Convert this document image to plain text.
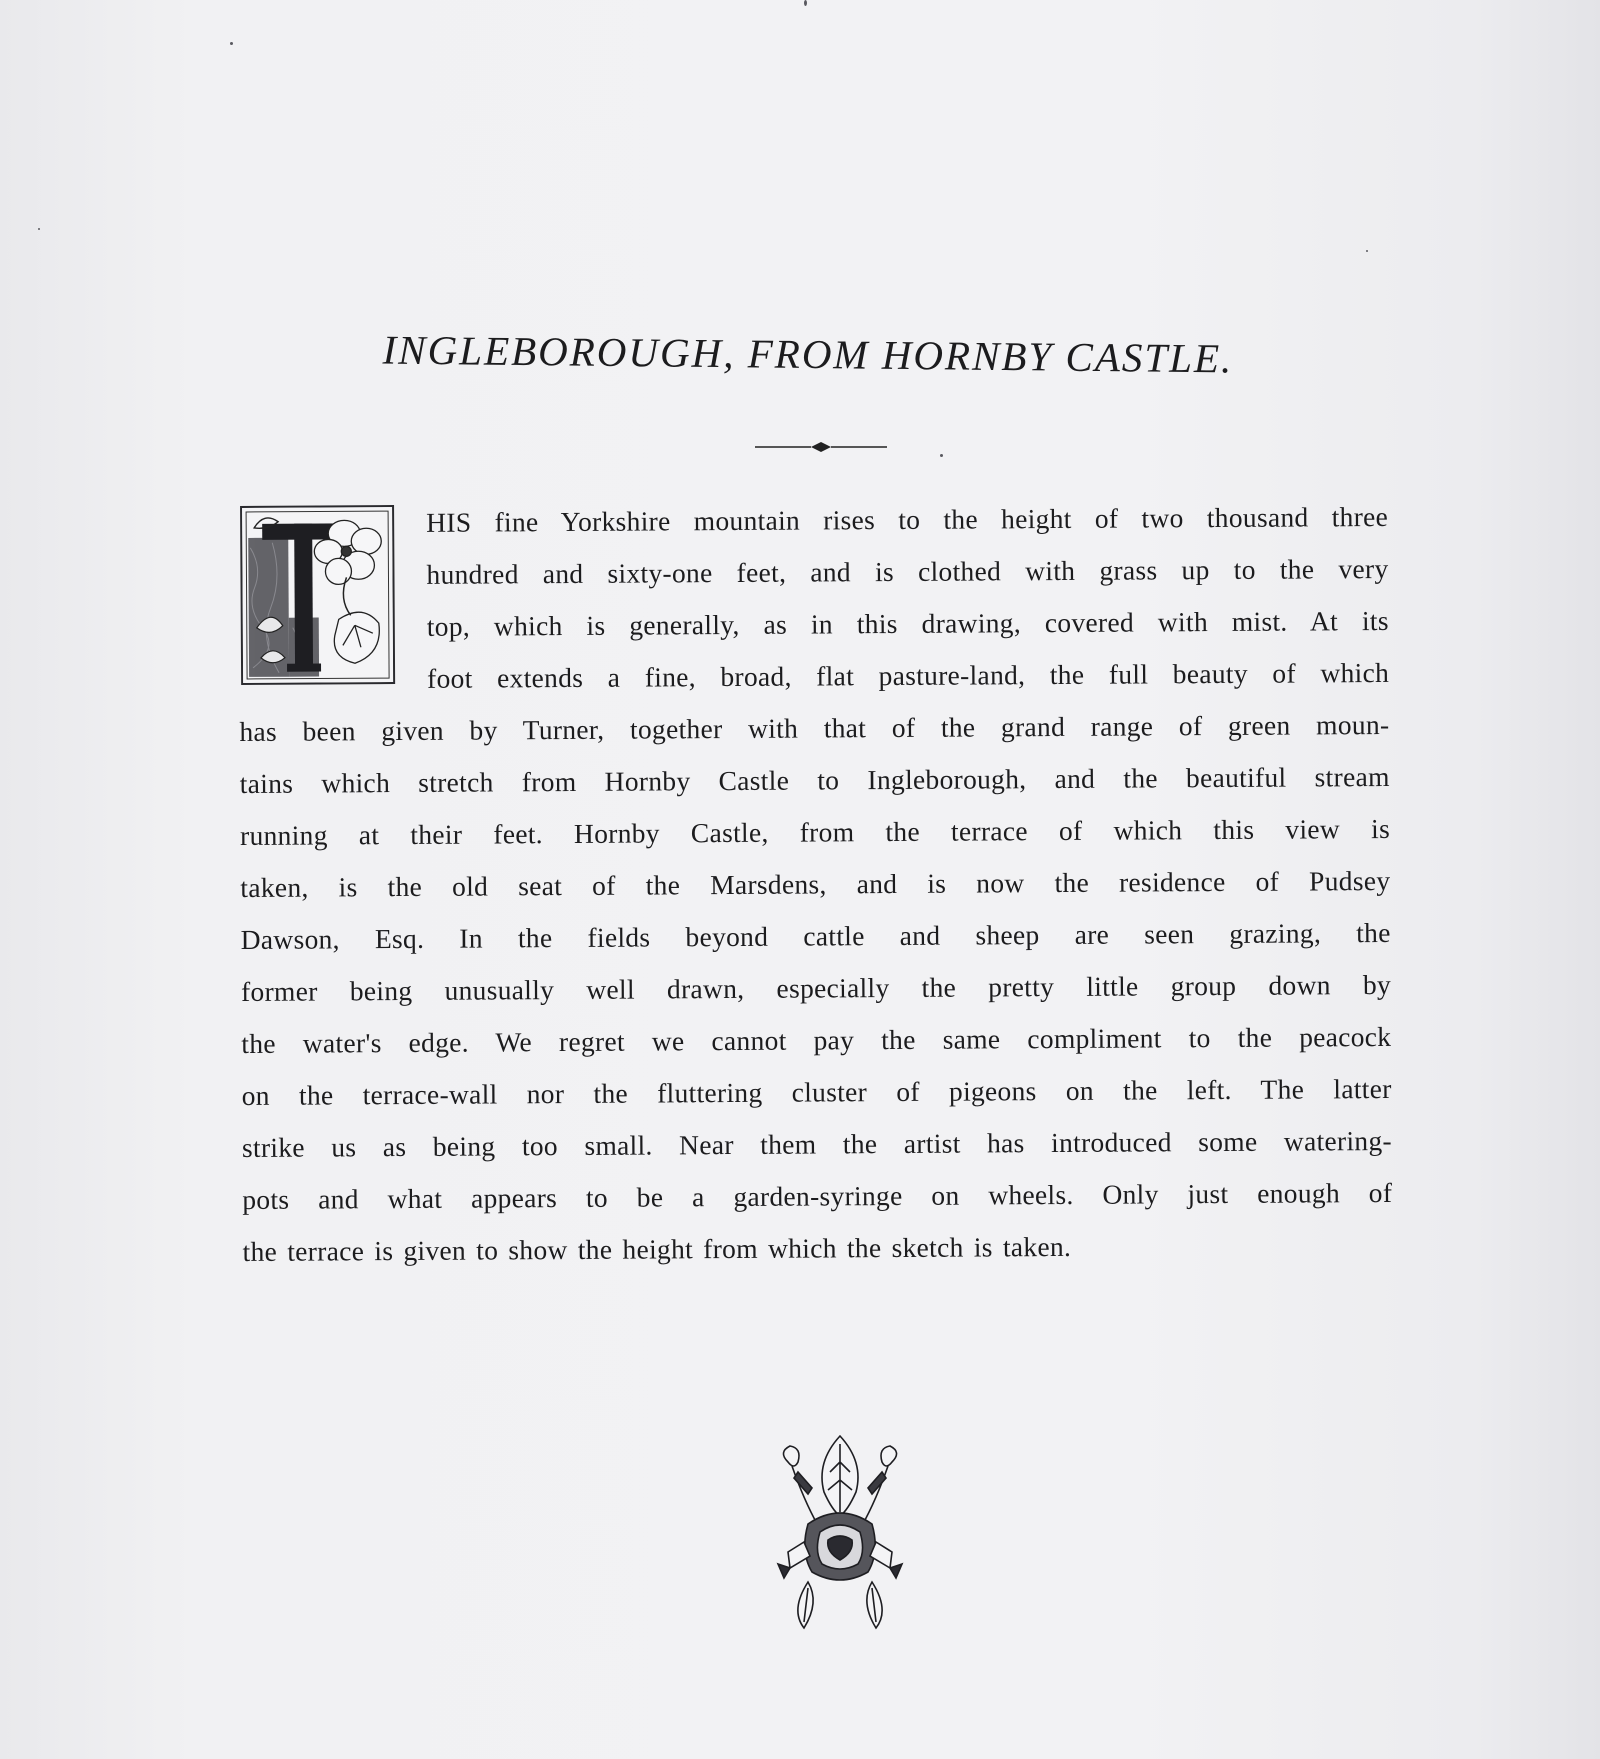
INGLEBOROUGH, FROM HORNBY CASTLE.

HIS fine Yorkshire mountain rises to the height of two thousand three
hundred and sixty-one feet, and is clothed with grass up to the very
top, which is generally, as in this drawing, covered with mist. At its
foot extends a fine, broad, flat pasture-land, the full beauty of which
has been given by Turner, together with that of the grand range of green moun-
tains which stretch from Hornby Castle to Ingleborough, and the beautiful stream
running at their feet. Hornby Castle, from the terrace of which this view is
taken, is the old seat of the Marsdens, and is now the residence of Pudsey
Dawson, Esq. In the fields beyond cattle and sheep are seen grazing, the
former being unusually well drawn, especially the pretty little group down by
the water's edge. We regret we cannot pay the same compliment to the peacock
on the terrace-wall nor the fluttering cluster of pigeons on the left. The latter
strike us as being too small. Near them the artist has introduced some watering-
pots and what appears to be a garden-syringe on wheels. Only just enough of
the terrace is given to show the height from which the sketch is taken.
